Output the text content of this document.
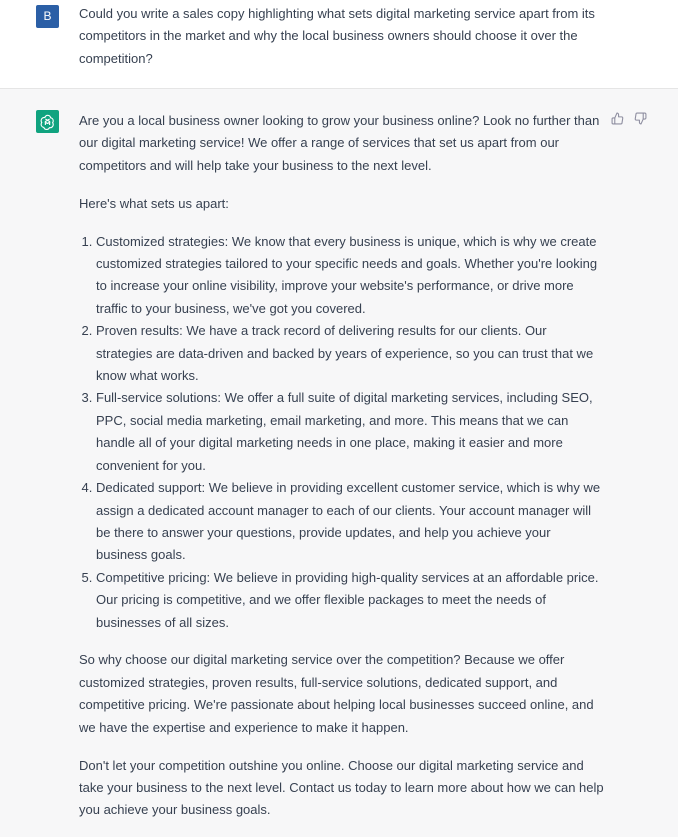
B	Could you write a sales copy highlighting what sets digital marketing service apart from its competitors in the market and why the local business owners should choose it over the competition?

Are you a local business owner looking to grow your business online? Look no further than our digital marketing service! We offer a range of services that set us apart from our competitors and will help take your business to the next level.

Here's what sets us apart:

1. Customized strategies: We know that every business is unique, which is why we create customized strategies tailored to your specific needs and goals. Whether you're looking to increase your online visibility, improve your website's performance, or drive more traffic to your business, we've got you covered.
2. Proven results: We have a track record of delivering results for our clients. Our strategies are data-driven and backed by years of experience, so you can trust that we know what works.
3. Full-service solutions: We offer a full suite of digital marketing services, including SEO, PPC, social media marketing, email marketing, and more. This means that we can handle all of your digital marketing needs in one place, making it easier and more convenient for you.
4. Dedicated support: We believe in providing excellent customer service, which is why we assign a dedicated account manager to each of our clients. Your account manager will be there to answer your questions, provide updates, and help you achieve your business goals.
5. Competitive pricing: We believe in providing high-quality services at an affordable price. Our pricing is competitive, and we offer flexible packages to meet the needs of businesses of all sizes.

So why choose our digital marketing service over the competition? Because we offer customized strategies, proven results, full-service solutions, dedicated support, and competitive pricing. We're passionate about helping local businesses succeed online, and we have the expertise and experience to make it happen.

Don't let your competition outshine you online. Choose our digital marketing service and take your business to the next level. Contact us today to learn more about how we can help you achieve your business goals.
